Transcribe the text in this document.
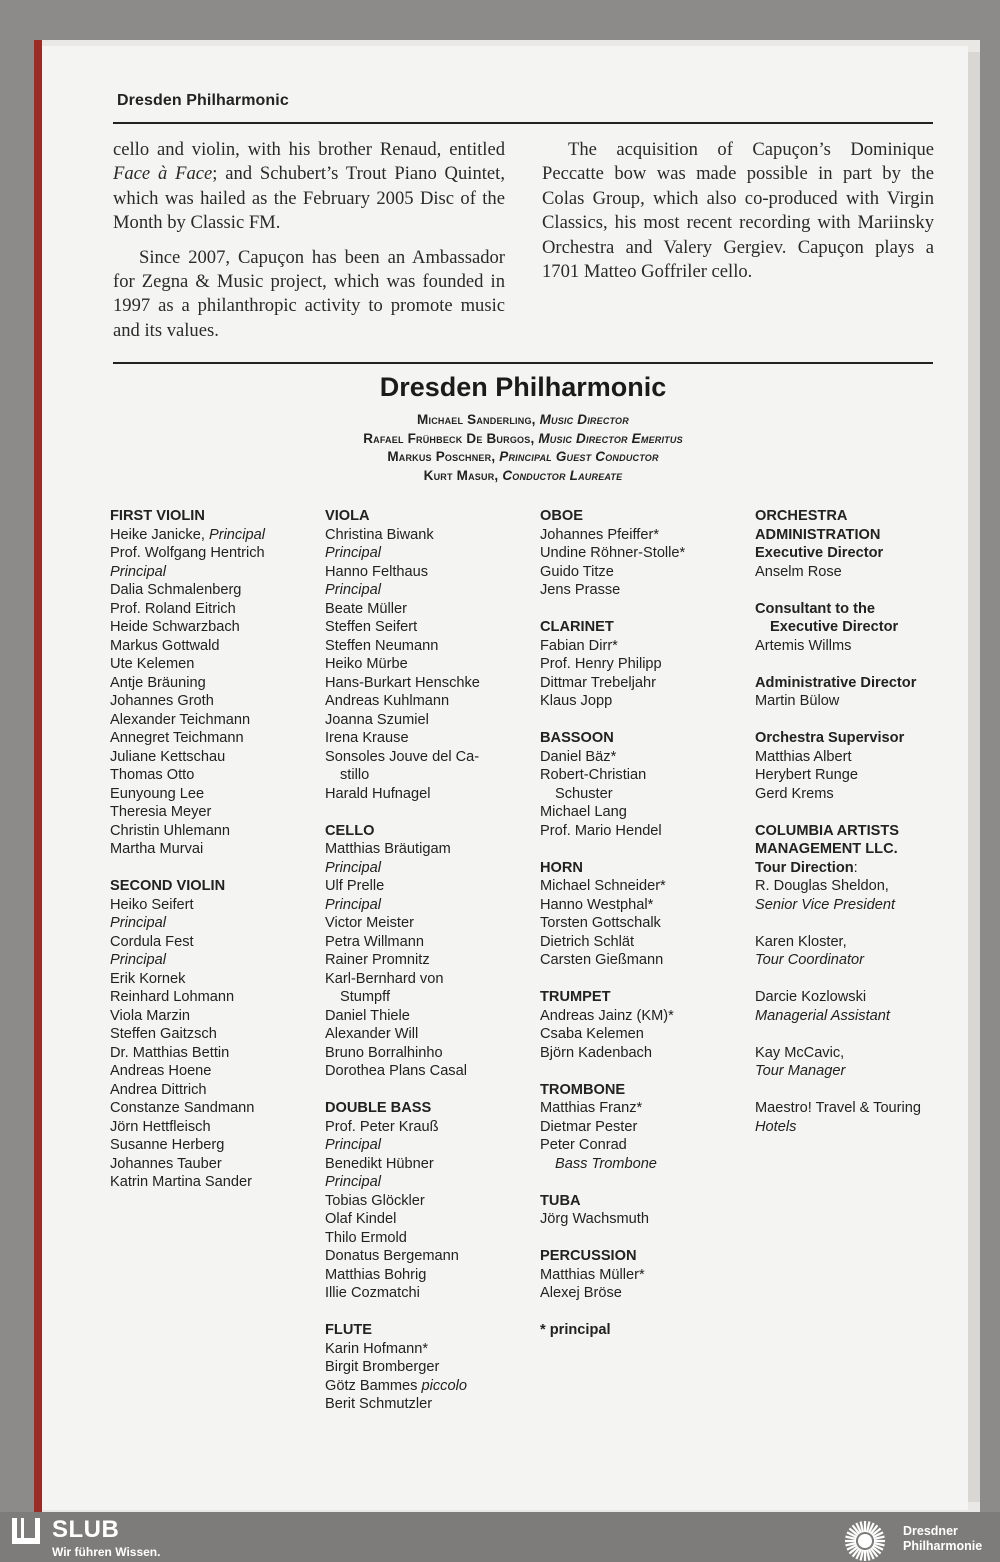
Dresden Philharmonic

cello and violin, with his brother Renaud, entitled Face à Face; and Schubert’s Trout Piano Quintet, which was hailed as the February 2005 Disc of the Month by Classic FM.

Since 2007, Capuçon has been an Ambassador for Zegna & Music project, which was founded in 1997 as a philanthropic activity to promote music and its values.

The acquisition of Capuçon’s Dominique Peccatte bow was made possible in part by the Colas Group, which also co-produced with Virgin Classics, his most recent recording with Mariinsky Orchestra and Valery Gergiev. Capuçon plays a 1701 Matteo Goffriler cello.

Dresden Philharmonic
Michael Sanderling, Music Director
Rafael Frühbeck De Burgos, Music Director Emeritus
Markus Poschner, Principal Guest Conductor
Kurt Masur, Conductor Laureate
FIRST VIOLIN
Heike Janicke, Principal
Prof. Wolfgang Hentrich
Principal
Dalia Schmalenberg
Prof. Roland Eitrich
Heide Schwarzbach
Markus Gottwald
Ute Kelemen
Antje Bräuning
Johannes Groth
Alexander Teichmann
Annegret Teichmann
Juliane Kettschau
Thomas Otto
Eunyoung Lee
Theresia Meyer
Christin Uhlemann
Martha Murvai
SECOND VIOLIN
Heiko Seifert
Principal
Cordula Fest
Principal
Erik Kornek
Reinhard Lohmann
Viola Marzin
Steffen Gaitzsch
Dr. Matthias Bettin
Andreas Hoene
Andrea Dittrich
Constanze Sandmann
Jörn Hettfleisch
Susanne Herberg
Johannes Tauber
Katrin Martina Sander
VIOLA
Christina Biwank
Principal
Hanno Felthaus
Principal
Beate Müller
Steffen Seifert
Steffen Neumann
Heiko Mürbe
Hans-Burkart Henschke
Andreas Kuhlmann
Joanna Szumiel
Irena Krause
Sonsoles Jouve del Ca-
stillo
Harald Hufnagel
CELLO
Matthias Bräutigam
Principal
Ulf Prelle
Principal
Victor Meister
Petra Willmann
Rainer Promnitz
Karl-Bernhard von
Stumpff
Daniel Thiele
Alexander Will
Bruno Borralhinho
Dorothea Plans Casal
DOUBLE BASS
Prof. Peter Krauß
Principal
Benedikt Hübner
Principal
Tobias Glöckler
Olaf Kindel
Thilo Ermold
Donatus Bergemann
Matthias Bohrig
Illie Cozmatchi
FLUTE
Karin Hofmann*
Birgit Bromberger
Götz Bammes piccolo
Berit Schmutzler
OBOE
Johannes Pfeiffer*
Undine Röhner-Stolle*
Guido Titze
Jens Prasse
CLARINET
Fabian Dirr*
Prof. Henry Philipp
Dittmar Trebeljahr
Klaus Jopp
BASSOON
Daniel Bäz*
Robert-Christian
Schuster
Michael Lang
Prof. Mario Hendel
HORN
Michael Schneider*
Hanno Westphal*
Torsten Gottschalk
Dietrich Schlät
Carsten Gießmann
TRUMPET
Andreas Jainz (KM)*
Csaba Kelemen
Björn Kadenbach
TROMBONE
Matthias Franz*
Dietmar Pester
Peter Conrad
Bass Trombone
TUBA
Jörg Wachsmuth
PERCUSSION
Matthias Müller*
Alexej Bröse
* principal
ORCHESTRA
ADMINISTRATION
Executive Director
Anselm Rose
Consultant to the
Executive Director
Artemis Willms
Administrative Director
Martin Bülow
Orchestra Supervisor
Matthias Albert
Herybert Runge
Gerd Krems
COLUMBIA ARTISTS
MANAGEMENT LLC.
Tour Direction:
R. Douglas Sheldon,
Senior Vice President
Karen Kloster,
Tour Coordinator
Darcie Kozlowski
Managerial Assistant
Kay McCavic,
Tour Manager
Maestro! Travel & Touring
Hotels
SLUB
Wir führen Wissen.
Dresdner
Philharmonie
